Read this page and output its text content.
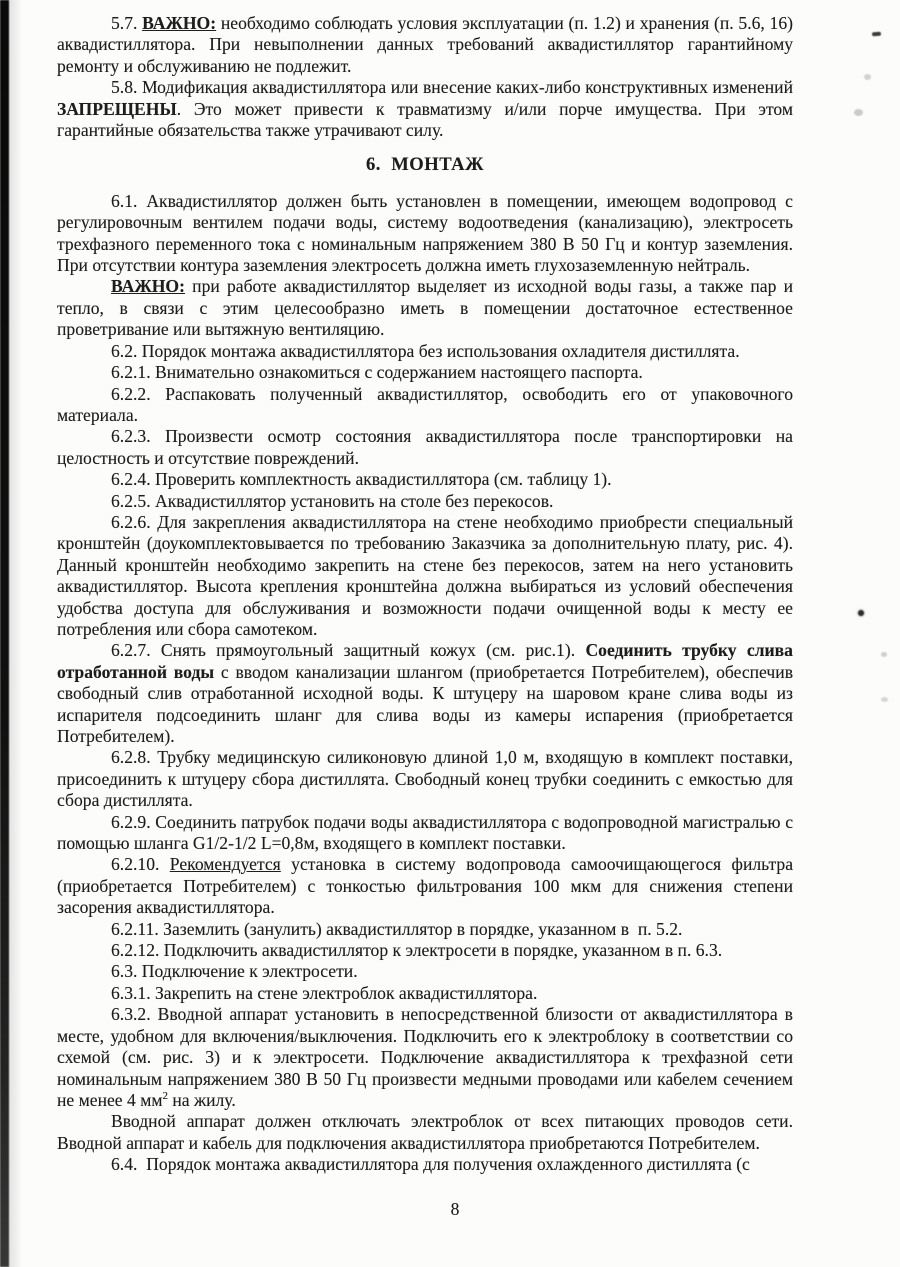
5.7. ВАЖНО: необходимо соблюдать условия эксплуатации (п. 1.2) и хранения (п. 5.6, 16) аквадистиллятора. При невыполнении данных требований аквадистиллятор гарантийному ремонту и обслуживанию не подлежит.

5.8. Модификация аквадистиллятора или внесение каких-либо конструктивных изменений ЗАПРЕЩЕНЫ. Это может привести к травматизму и/или порче имущества. При этом гарантийные обязательства также утрачивают силу.

6.  МОНТАЖ

6.1. Аквадистиллятор должен быть установлен в помещении, имеющем водопровод с регулировочным вентилем подачи воды, систему водоотведения (канализацию), электросеть трехфазного переменного тока с номинальным напряжением 380 В 50 Гц и контур заземления. При отсутствии контура заземления электросеть должна иметь глухозаземленную нейтраль.

ВАЖНО: при работе аквадистиллятор выделяет из исходной воды газы, а также пар и тепло, в связи с этим целесообразно иметь в помещении достаточное естественное проветривание или вытяжную вентиляцию.

6.2. Порядок монтажа аквадистиллятора без использования охладителя дистиллята.

6.2.1. Внимательно ознакомиться с содержанием настоящего паспорта.

6.2.2. Распаковать полученный аквадистиллятор, освободить его от упаковочного материала.

6.2.3. Произвести осмотр состояния аквадистиллятора после транспортировки на целостность и отсутствие повреждений.

6.2.4. Проверить комплектность аквадистиллятора (см. таблицу 1).

6.2.5. Аквадистиллятор установить на столе без перекосов.

6.2.6. Для закрепления аквадистиллятора на стене необходимо приобрести специальный кронштейн (доукомплектовывается по требованию Заказчика за дополнительную плату, рис. 4). Данный кронштейн необходимо закрепить на стене без перекосов, затем на него установить аквадистиллятор. Высота крепления кронштейна должна выбираться из условий обеспечения удобства доступа для обслуживания и возможности подачи очищенной воды к месту ее потребления или сбора самотеком.

6.2.7. Снять прямоугольный защитный кожух (см. рис.1). Соединить трубку слива отработанной воды с вводом канализации шлангом (приобретается Потребителем), обеспечив свободный слив отработанной исходной воды. К штуцеру на шаровом кране слива воды из испарителя подсоединить шланг для слива воды из камеры испарения (приобретается Потребителем).

6.2.8. Трубку медицинскую силиконовую длиной 1,0 м, входящую в комплект поставки, присоединить к штуцеру сбора дистиллята. Свободный конец трубки соединить с емкостью для сбора дистиллята.

6.2.9. Соединить патрубок подачи воды аквадистиллятора с водопроводной магистралью с помощью шланга G1/2-1/2 L=0,8м, входящего в комплект поставки.

6.2.10. Рекомендуется установка в систему водопровода самоочищающегося фильтра (приобретается Потребителем) с тонкостью фильтрования 100 мкм для снижения степени засорения аквадистиллятора.

6.2.11. Заземлить (занулить) аквадистиллятор в порядке, указанном в  п. 5.2.

6.2.12. Подключить аквадистиллятор к электросети в порядке, указанном в п. 6.3.

6.3. Подключение к электросети.

6.3.1. Закрепить на стене электроблок аквадистиллятора.

6.3.2. Вводной аппарат установить в непосредственной близости от аквадистиллятора в месте, удобном для включения/выключения. Подключить его к электроблоку в соответствии со схемой (см. рис. 3) и к электросети. Подключение аквадистиллятора к трехфазной сети номинальным напряжением 380 В 50 Гц произвести медными проводами или кабелем сечением не менее 4 $мм^2$ на жилу.

Вводной аппарат должен отключать электроблок от всех питающих проводов сети. Вводной аппарат и кабель для подключения аквадистиллятора приобретаются Потребителем.

6.4.  Порядок монтажа аквадистиллятора для получения охлажденного дистиллята (с

8
